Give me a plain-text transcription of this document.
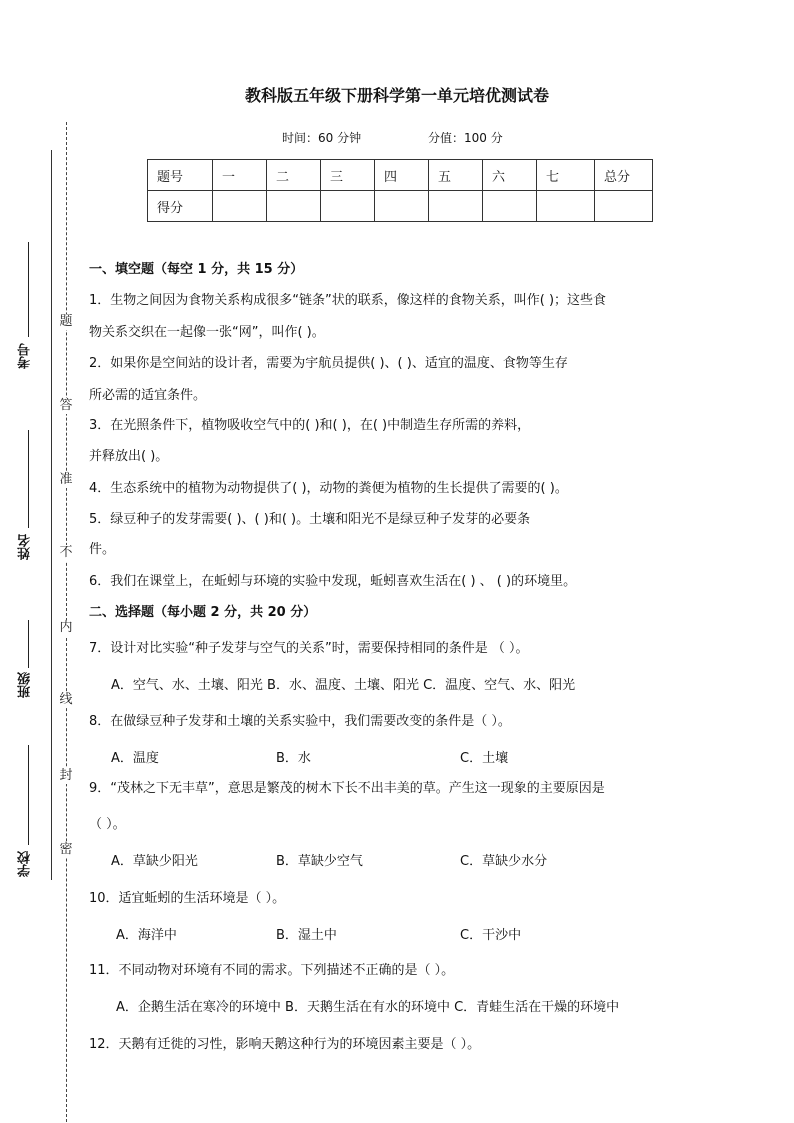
考号
姓名
班级
学校
题
答
准
不
内
线
封
密
教科版五年级下册科学第一单元培优测试卷
时间：60 分钟	分值：100 分
题号	一	二	三	四	五	六	七	总分
得分								
一、填空题（每空 1 分，共 15 分）
1．生物之间因为食物关系构成很多“链条”状的联系，像这样的食物关系，叫作( )；这些食
物关系交织在一起像一张“网”，叫作( )。
2．如果你是空间站的设计者，需要为宇航员提供( )、( )、适宜的温度、食物等生存
所必需的适宜条件。
3．在光照条件下，植物吸收空气中的( )和( )，在( )中制造生存所需的养料，
并释放出( )。
4．生态系统中的植物为动物提供了( )，动物的粪便为植物的生长提供了需要的( )。
5．绿豆种子的发芽需要( )、( )和( )。土壤和阳光不是绿豆种子发芽的必要条
件。
6．我们在课堂上，在蚯蚓与环境的实验中发现，蚯蚓喜欢生活在( ) 、 ( )的环境里。
二、选择题（每小题 2 分，共 20 分）
7．设计对比实验“种子发芽与空气的关系”时，需要保持相同的条件是 （ ）。
A．空气、水、土壤、阳光 B．水、温度、土壤、阳光 C．温度、空气、水、阳光
8．在做绿豆种子发芽和土壤的关系实验中，我们需要改变的条件是（ ）。
A．温度	B．水	C．土壤
9．“茂林之下无丰草”，意思是繁茂的树木下长不出丰美的草。产生这一现象的主要原因是
（ ）。
A．草缺少阳光	B．草缺少空气	C．草缺少水分
10．适宜蚯蚓的生活环境是（ ）。
A．海洋中	B．湿土中	C．干沙中
11．不同动物对环境有不同的需求。下列描述不正确的是（ ）。
A．企鹅生活在寒冷的环境中 B．天鹅生活在有水的环境中 C．青蛙生活在干燥的环境中
12．天鹅有迁徙的习性，影响天鹅这种行为的环境因素主要是（ ）。
